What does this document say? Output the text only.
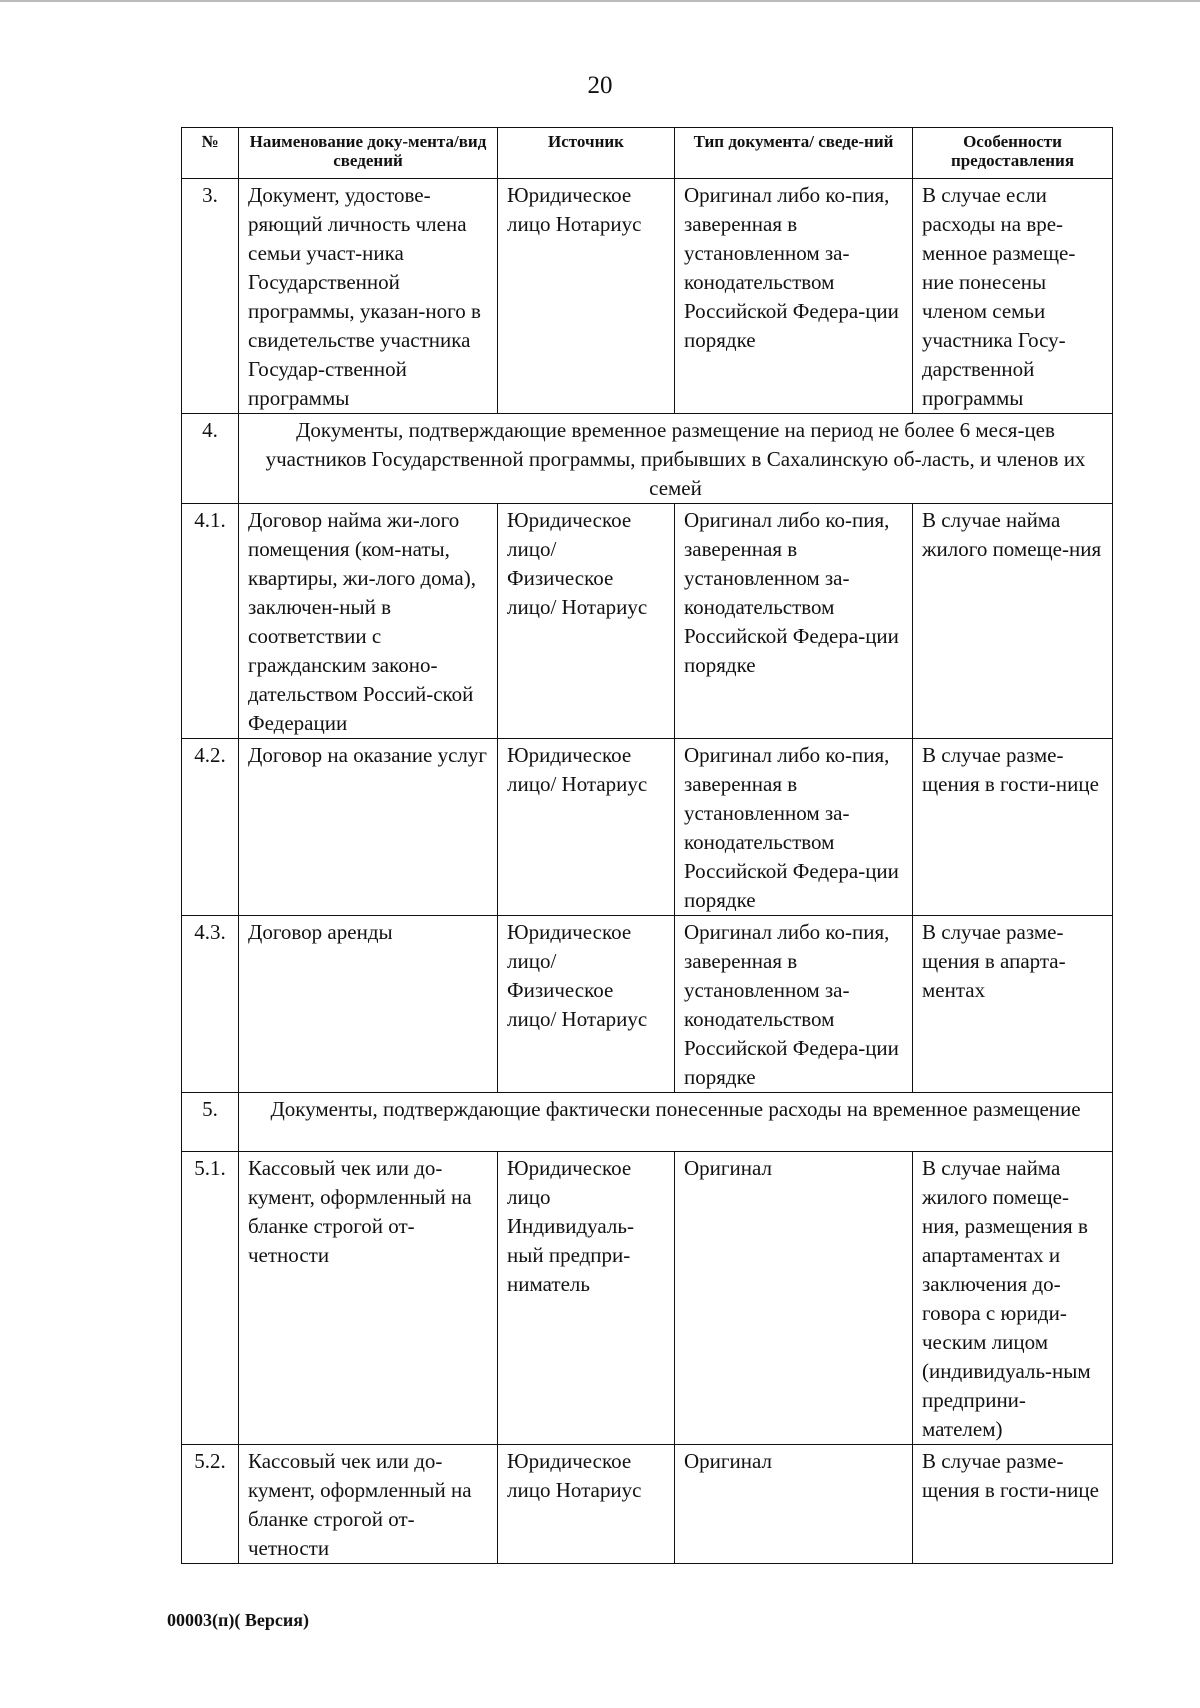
20
№	Наименование доку-мента/вид сведений	Источник	Тип документа/ сведе-ний	Особенности предоставления
3.	Документ, удостове-ряющий личность члена семьи участ-ника Государственной программы, указан-ного в свидетельстве участника Государ-ственной программы	Юридическое лицо Нотариус	Оригинал либо ко-пия, заверенная в установленном за-конодательством Российской Федера-ции порядке	В случае если расходы на вре-менное размеще-ние понесены членом семьи участника Госу-дарственной программы
4.	Документы, подтверждающие временное размещение на период не более 6 меся-цев участников Государственной программы, прибывших в Сахалинскую об-ласть, и членов их семей			
4.1.	Договор найма жи-лого помещения (ком-наты, квартиры, жи-лого дома), заключен-ный в соответствии с гражданским законо-дательством Россий-ской Федерации	Юридическое лицо/ Физическое лицо/ Нотариус	Оригинал либо ко-пия, заверенная в установленном за-конодательством Российской Федера-ции порядке	В случае найма жилого помеще-ния
4.2.	Договор на оказание услуг	Юридическое лицо/ Нотариус	Оригинал либо ко-пия, заверенная в установленном за-конодательством Российской Федера-ции порядке	В случае разме-щения в гости-нице
4.3.	Договор аренды	Юридическое лицо/ Физическое лицо/ Нотариус	Оригинал либо ко-пия, заверенная в установленном за-конодательством Российской Федера-ции порядке	В случае разме-щения в апарта-ментах
5.	Документы, подтверждающие фактически понесенные расходы на временное размещение			
5.1.	Кассовый чек или до-кумент, оформленный на бланке строгой от-четности	Юридическое лицо Индивидуаль-ный предпри-ниматель	Оригинал	В случае найма жилого помеще-ния, размещения в апартаментах и заключения до-говора с юриди-ческим лицом (индивидуаль-ным предприни-мателем)
5.2.	Кассовый чек или до-кумент, оформленный на бланке строгой от-четности	Юридическое лицо Нотариус	Оригинал	В случае разме-щения в гости-нице
00003(п)( Версия)
